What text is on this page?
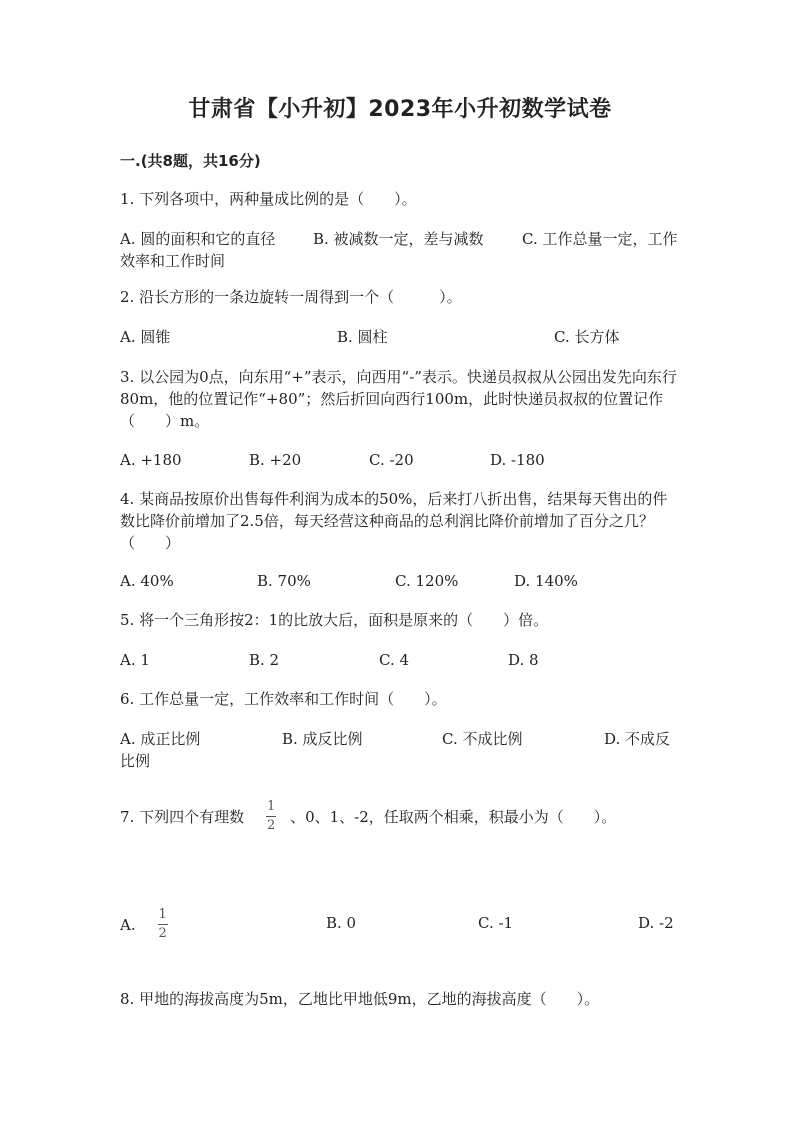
甘肃省【小升初】2023年小升初数学试卷
一.(共8题，共16分)
1. 下列各项中，两种量成比例的是（　　）。
A. 圆的面积和它的直径	B. 被减数一定，差与减数	C. 工作总量一定，工作效率和工作时间
2. 沿长方形的一条边旋转一周得到一个（　　　）。
A. 圆锥	B. 圆柱	C. 长方体
3. 以公园为0点，向东用“+”表示，向西用“-”表示。快递员叔叔从公园出发先向东行80m，他的位置记作“+80”；然后折回向西行100m，此时快递员叔叔的位置记作（　　）m。
A. +180	B. +20	C. -20	D. -180
4. 某商品按原价出售每件利润为成本的50%，后来打八折出售，结果每天售出的件数比降价前增加了2.5倍，每天经营这种商品的总利润比降价前增加了百分之几？（　　）
A. 40%	B. 70%	C. 120%	D. 140%
5. 将一个三角形按2：1的比放大后，面积是原来的（　　）倍。
A. 1	B. 2	C. 4	D. 8
6. 工作总量一定，工作效率和工作时间（　　）。
A. 成正比例	B. 成反比例	C. 不成比例	D. 不成反比例
7. 下列四个有理数 $\frac{1}{2}$ 、0、1、-2，任取两个相乘，积最小为（　　）。
A. $\frac{1}{2}$	B. 0	C. -1	D. -2
8. 甲地的海拔高度为5m，乙地比甲地低9m，乙地的海拔高度（　　）。
